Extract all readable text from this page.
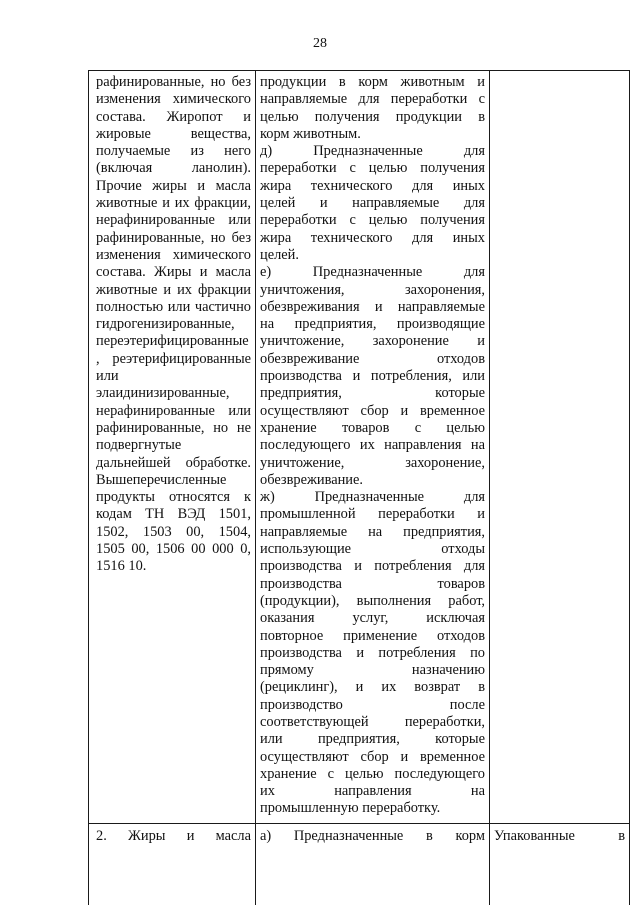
28
рафинированные, но без
изменения химического
состава. Жиропот и
жировые вещества,
получаемые из него
(включая ланолин).
Прочие жиры и масла
животные и их фракции,
нерафинированные или
рафинированные, но без
изменения химического
состава. Жиры и масла
животные и их фракции
полностью или частично
гидрогенизированные,
переэтерифицированные
, реэтерифицированные
или
элаидинизированные,
нерафинированные или
рафинированные, но не
подвергнутые
дальнейшей обработке.
Вышеперечисленные
продукты относятся к
кодам ТН ВЭД 1501,
1502, 1503 00, 1504,
1505 00, 1506 00 000 0,
1516 10.
продукции в корм животным и
направляемые для переработки с
целью получения продукции в
корм животным.
д) Предназначенные для
переработки с целью получения
жира технического для иных
целей и направляемые для
переработки с целью получения
жира технического для иных
целей.
е) Предназначенные для
уничтожения, захоронения,
обезвреживания и направляемые
на предприятия, производящие
уничтожение, захоронение и
обезвреживание отходов
производства и потребления, или
предприятия, которые
осуществляют сбор и временное
хранение товаров с целью
последующего их направления на
уничтожение, захоронение,
обезвреживание.
ж) Предназначенные для
промышленной переработки и
направляемые на предприятия,
использующие отходы
производства и потребления для
производства товаров
(продукции), выполнения работ,
оказания услуг, исключая
повторное применение отходов
производства и потребления по
прямому назначению
(рециклинг), и их возврат в
производство после
соответствующей переработки,
или предприятия, которые
осуществляют сбор и временное
хранение с целью последующего
их направления на
промышленную переработку.
2. Жиры и масла а) Предназначенные в корм Упакованные в
